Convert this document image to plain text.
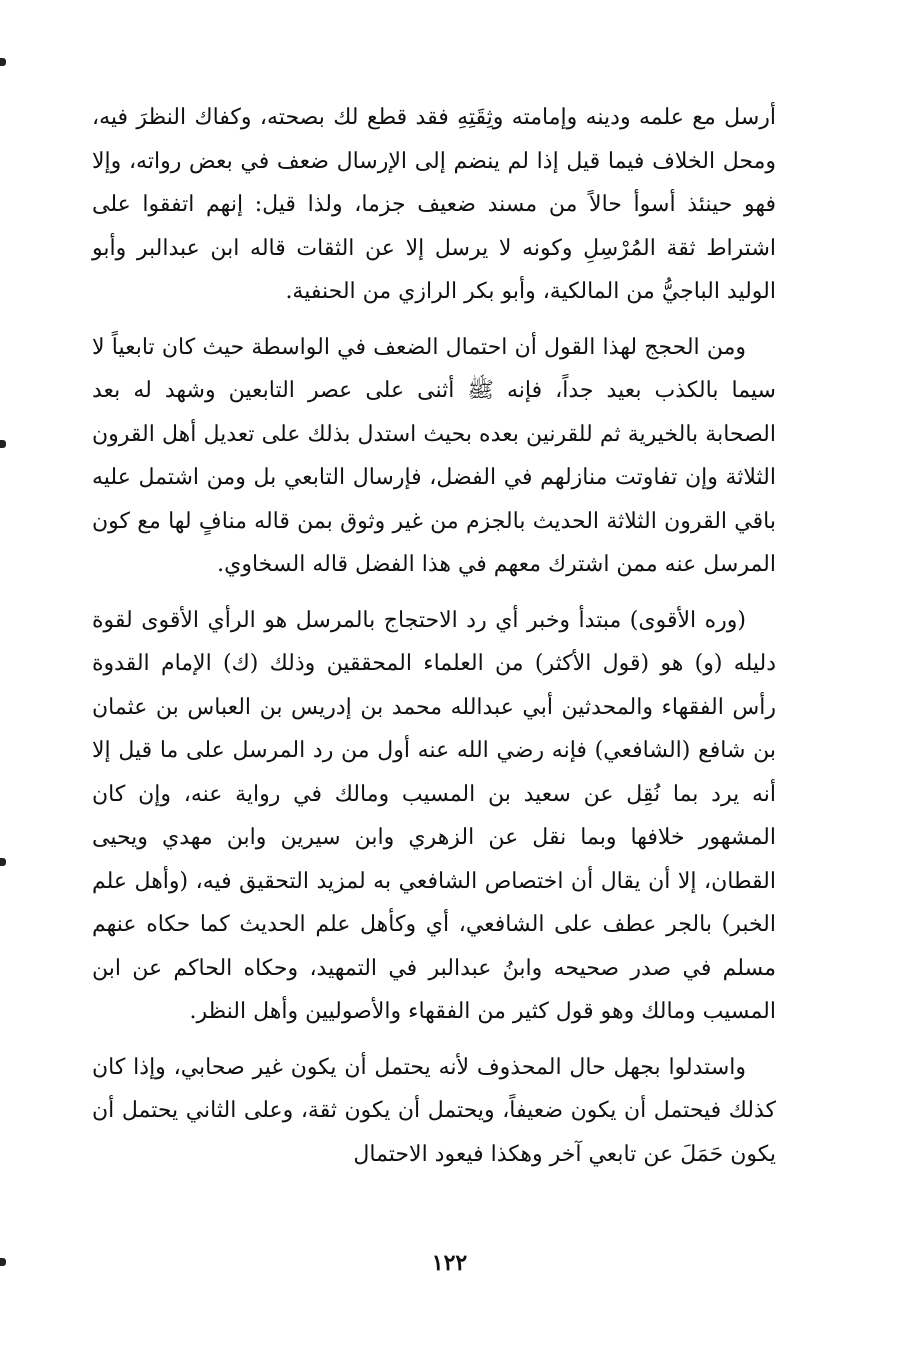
أرسل مع علمه ودينه وإمامته وثِقَتِهِ فقد قطع لك بصحته، وكفاك النظرَ فيه، ومحل الخلاف فيما قيل إذا لم ينضم إلى الإرسال ضعف في بعض رواته، وإلا فهو حينئذ أسوأ حالاً من مسند ضعيف جزما، ولذا قيل: إنهم اتفقوا على اشتراط ثقة المُرْسِلِ وكونه لا يرسل إلا عن الثقات قاله ابن عبدالبر وأبو الوليد الباجيُّ من المالكية، وأبو بكر الرازي من الحنفية.

ومن الحجج لهذا القول أن احتمال الضعف في الواسطة حيث كان تابعياً لا سيما بالكذب بعيد جداً، فإنه ﷺ أثنى على عصر التابعين وشهد له بعد الصحابة بالخيرية ثم للقرنين بعده بحيث استدل بذلك على تعديل أهل القرون الثلاثة وإن تفاوتت منازلهم في الفضل، فإرسال التابعي بل ومن اشتمل عليه باقي القرون الثلاثة الحديث بالجزم من غير وثوق بمن قاله منافٍ لها مع كون المرسل عنه ممن اشترك معهم في هذا الفضل قاله السخاوي.

(وره الأقوى) مبتدأ وخبر أي رد الاحتجاج بالمرسل هو الرأي الأقوى لقوة دليله (و) هو (قول الأكثر) من العلماء المحققين وذلك (ك) الإمام القدوة رأس الفقهاء والمحدثين أبي عبدالله محمد بن إدريس بن العباس بن عثمان بن شافع (الشافعي) فإنه رضي الله عنه أول من رد المرسل على ما قيل إلا أنه يرد بما نُقِل عن سعيد بن المسيب ومالك في رواية عنه، وإن كان المشهور خلافها وبما نقل عن الزهري وابن سيرين وابن مهدي ويحيى القطان، إلا أن يقال أن اختصاص الشافعي به لمزيد التحقيق فيه، (وأهل علم الخبر) بالجر عطف على الشافعي، أي وكأهل علم الحديث كما حكاه عنهم مسلم في صدر صحيحه وابنُ عبدالبر في التمهيد، وحكاه الحاكم عن ابن المسيب ومالك وهو قول كثير من الفقهاء والأصوليين وأهل النظر.

واستدلوا بجهل حال المحذوف لأنه يحتمل أن يكون غير صحابي، وإذا كان كذلك فيحتمل أن يكون ضعيفاً، ويحتمل أن يكون ثقة، وعلى الثاني يحتمل أن يكون حَمَلَ عن تابعي آخر وهكذا فيعود الاحتمال

١٢٢
